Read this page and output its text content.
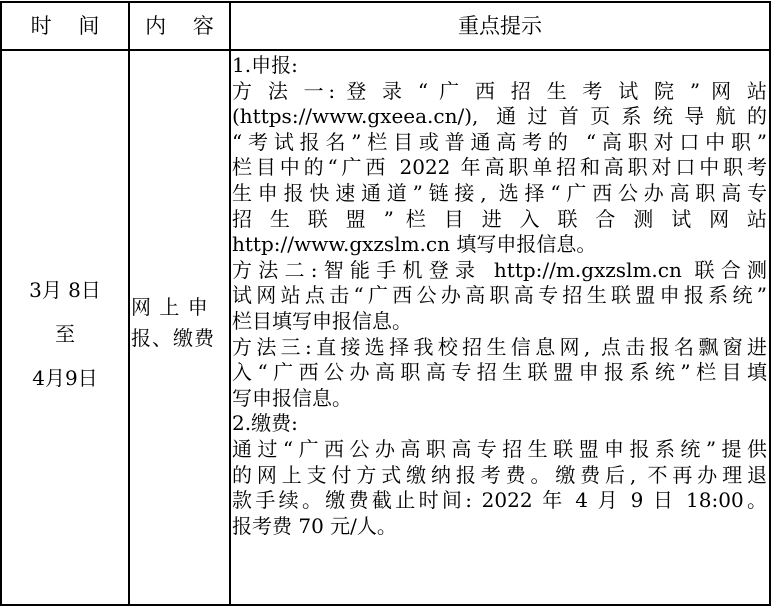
时    间 内    容	重点提示
3月 8日
至
4月9日
网 上 申
报、缴费

1.申报:

方 法 一: 登 录 “ 广 西 招 生 考 试 院 ” 网 站

(https://www.gxeea.cn/), 通过首页系统导航的

“考试报名”栏目或普通高考的 “高职对口中职”

栏目中的“广西 2022 年高职单招和高职对口中职考

生申报快速通道”链接, 选择“广西公办高职高专

招 生 联 盟 ” 栏 目 进 入 联 合 测 试 网 站

http://www.gxzslm.cn 填写申报信息。

方法二:智能手机登录 http://m.gxzslm.cn 联合测

试网站点击“广西公办高职高专招生联盟申报系统”

栏目填写申报信息。

方法三:直接选择我校招生信息网, 点击报名飘窗进

入“广西公办高职高专招生联盟申报系统”栏目填

写申报信息。

2.缴费:

通过“广西公办高职高专招生联盟申报系统”提供

的网上支付方式缴纳报考费。缴费后, 不再办理退

款手续。缴费截止时间: 2022 年 4 月 9 日 18:00。

报考费 70 元/人。
